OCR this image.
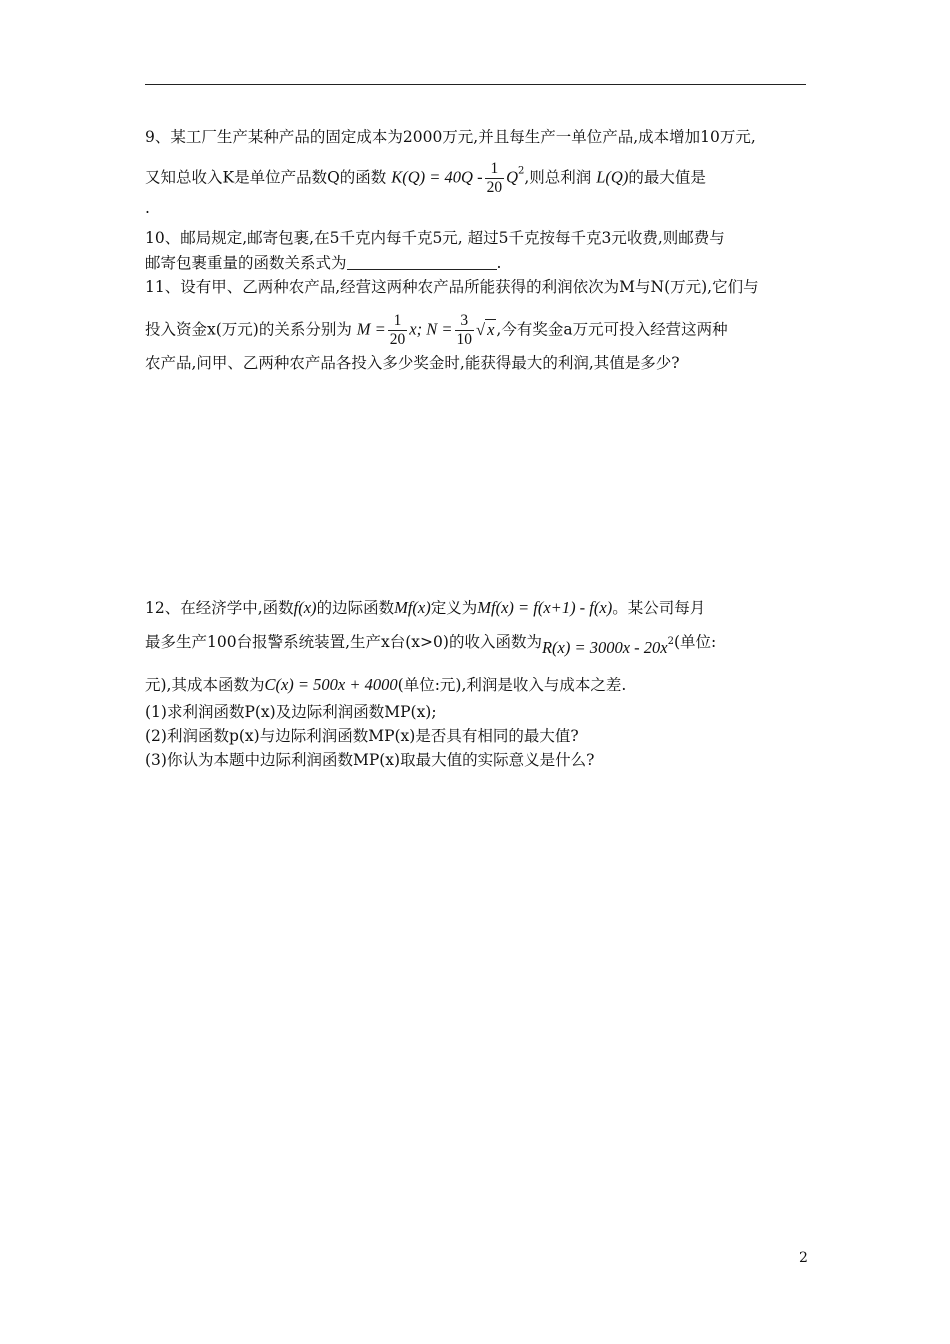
9、某工厂生产某种产品的固定成本为2000万元,并且每生产一单位产品,成本增加10万元,
又知总收入K是单位产品数Q的函数 $K(Q) = 40Q - \frac{1}{20} Q^2$,则总利润 L(Q)的最大值是
.
10、邮局规定,邮寄包裹,在5千克内每千克5元, 超过5千克按每千克3元收费,则邮费与
邮寄包裹重量的函数关系式为	.
11、设有甲、乙两种农产品,经营这两种农产品所能获得的利润依次为M与N(万元),它们与
投入资金x(万元)的关系分别为 $M = \frac{1}{20} x$; $N = \frac{3}{10}$ √ x ,今有奖金a万元可投入经营这两种
农产品,问甲、乙两种农产品各投入多少奖金时,能获得最大的利润,其值是多少?
12、在经济学中,函数f(x)的边际函数Mf(x)定义为Mf(x) = f(x+1) - f(x)。某公司每月
最多生产100台报警系统装置,生产x台(x>0)的收入函数为$R(x) = 3000x - 20x^2$(单位:
元),其成本函数为C(x) = 500x + 4000(单位:元),利润是收入与成本之差.
(1)求利润函数P(x)及边际利润函数MP(x);
(2)利润函数p(x)与边际利润函数MP(x)是否具有相同的最大值?
(3)你认为本题中边际利润函数MP(x)取最大值的实际意义是什么?
2
